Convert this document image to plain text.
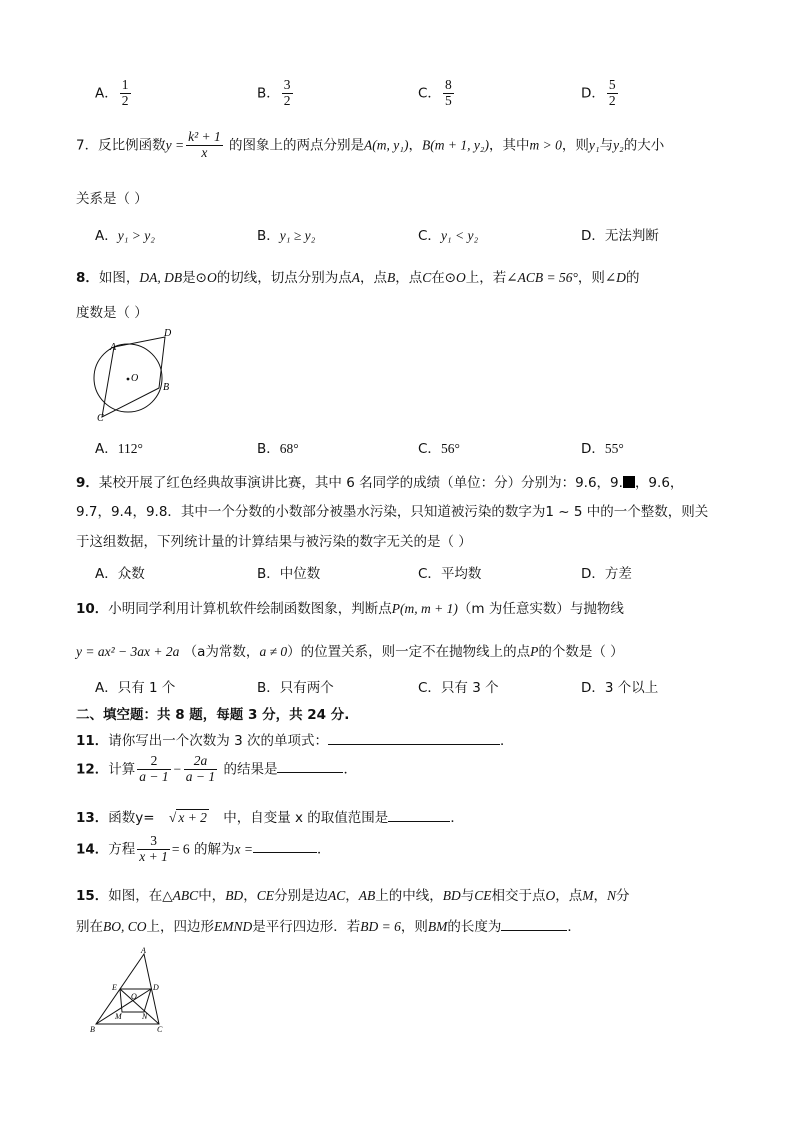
A． $\frac{1}{2}$	B． $\frac{3}{2}$	C． $\frac{8}{5}$	D． $\frac{5}{2}$
7．反比例函数$y = \frac{\text{k² + 1}}{x}$ 的图象上的两点分别是A(m, y₁)，B(m + 1, y₂)，其中m > 0，则y₁与y₂的大小
关系是（ ）
A．y₁ > y₂	B．y₁ ≥ y₂	C．y₁ < y₂	D．无法判断
8．如图，DA, DB是⊙O的切线，切点分别为点A，点B，点C在⊙O上，若∠ACB = 56°，则∠D的
度数是（ ）
A
D
O
B
C
A．112°	B．68°	C．56°	D．55°
9．某校开展了红色经典故事演讲比赛，其中 6 名同学的成绩（单位：分）分别为：9.6，9. ，9.6，
9.7，9.4，9.8．其中一个分数的小数部分被墨水污染，只知道被污染的数字为1 ~ 5 中的一个整数，则关
于这组数据，下列统计量的计算结果与被污染的数字无关的是（ ）
A．众数	B．中位数	C．平均数	D．方差
10．小明同学利用计算机软件绘制函数图象，判断点P(m, m + 1)（m 为任意实数）与抛物线
y = ax² − 3ax + 2a （a为常数，a ≠ 0）的位置关系，则一定不在抛物线上的点P的个数是（ ）
A．只有 1 个	B．只有两个	C．只有 3 个	D．3 个以上
二、填空题：共 8 题，每题 3 分，共 24 分.
11．请你写出一个次数为 3 次的单项式：	．
12．计算 $\frac{2}{a - 1} - \frac{2a}{a - 1}$ 的结果是	．
13．函数y= √ x + 2 中，自变量 x 的取值范围是	．
14．方程 $\frac{3}{x + 1} = 6$ 的解为x =	．
15．如图，在△ABC中，BD，CE分别是边AC，AB上的中线，BD与CE相交于点O，点M，N分
别在BO, CO上，四边形EMND是平行四边形．若BD = 6，则BM的长度为	．
A
E	D
O
M	N
B	C
